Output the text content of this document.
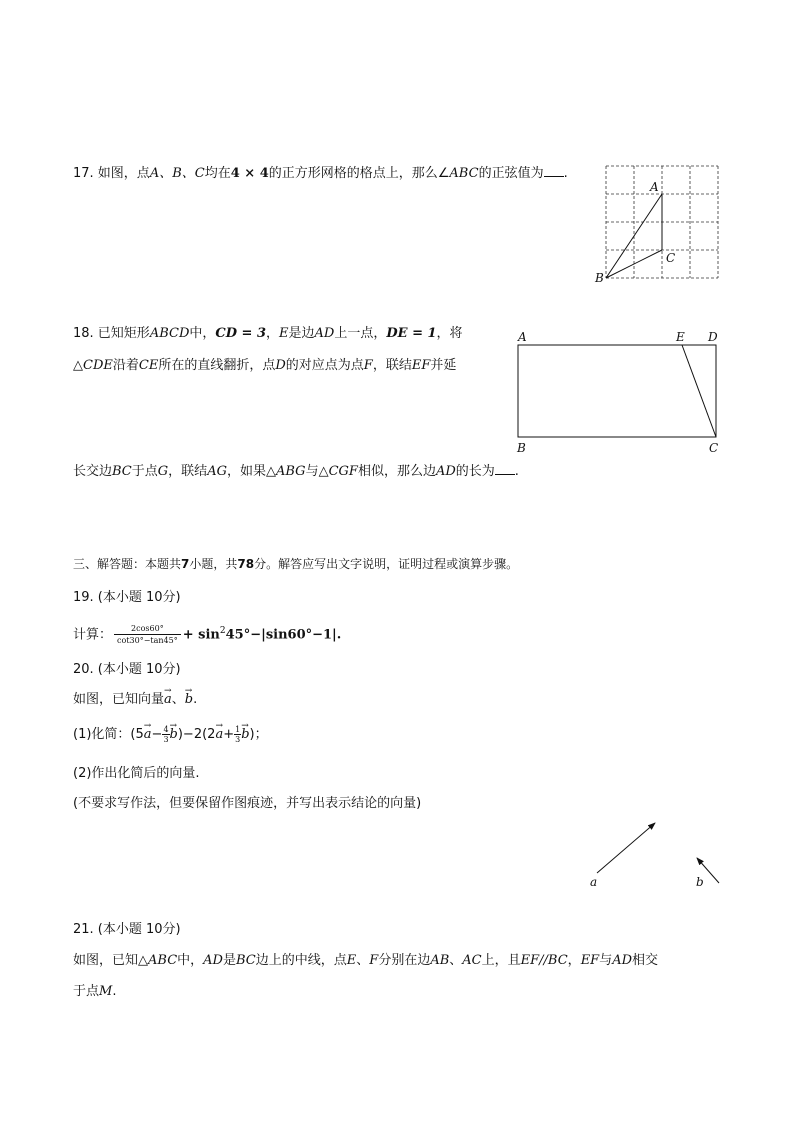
17. 如图，点A、B、C均在4 × 4的正方形网格的格点上，那么∠ABC的正弦值为 .
A
B
C
18. 已知矩形ABCD中，CD = 3，E是边AD上一点，DE = 1，将
△CDE沿着CE所在的直线翻折，点D的对应点为点F，联结EF并延
长交边BC于点G，联结AG，如果△ABG与△CGF相似，那么边AD的长为 .
A	E D
B	C
三、解答题：本题共7小题，共78分。解答应写出文字说明，证明过程或演算步骤。
19. (本小题 10分)
计算： $\frac{2\cos 60^\circ}{\cot 30^\circ-\tan 45^\circ} + \sin^245^\circ-|\sin 60^\circ-1|$.
20. (本小题 10分)
如图，已知向量→ a、→ b.
(1)化简：($5\to a- \frac{4}{3}$
→ $b)-2(2\to a+ \frac{1}{3}$
→ b)；
(2)作出化简后的向量.
(不要求写作法，但要保留作图痕迹，并写出表示结论的向量)
a	b
21. (本小题 10分)
如图，已知△ABC中，AD是BC边上的中线，点E、F分别在边AB、AC上，且EF//BC，EF与AD相交
于点M.
